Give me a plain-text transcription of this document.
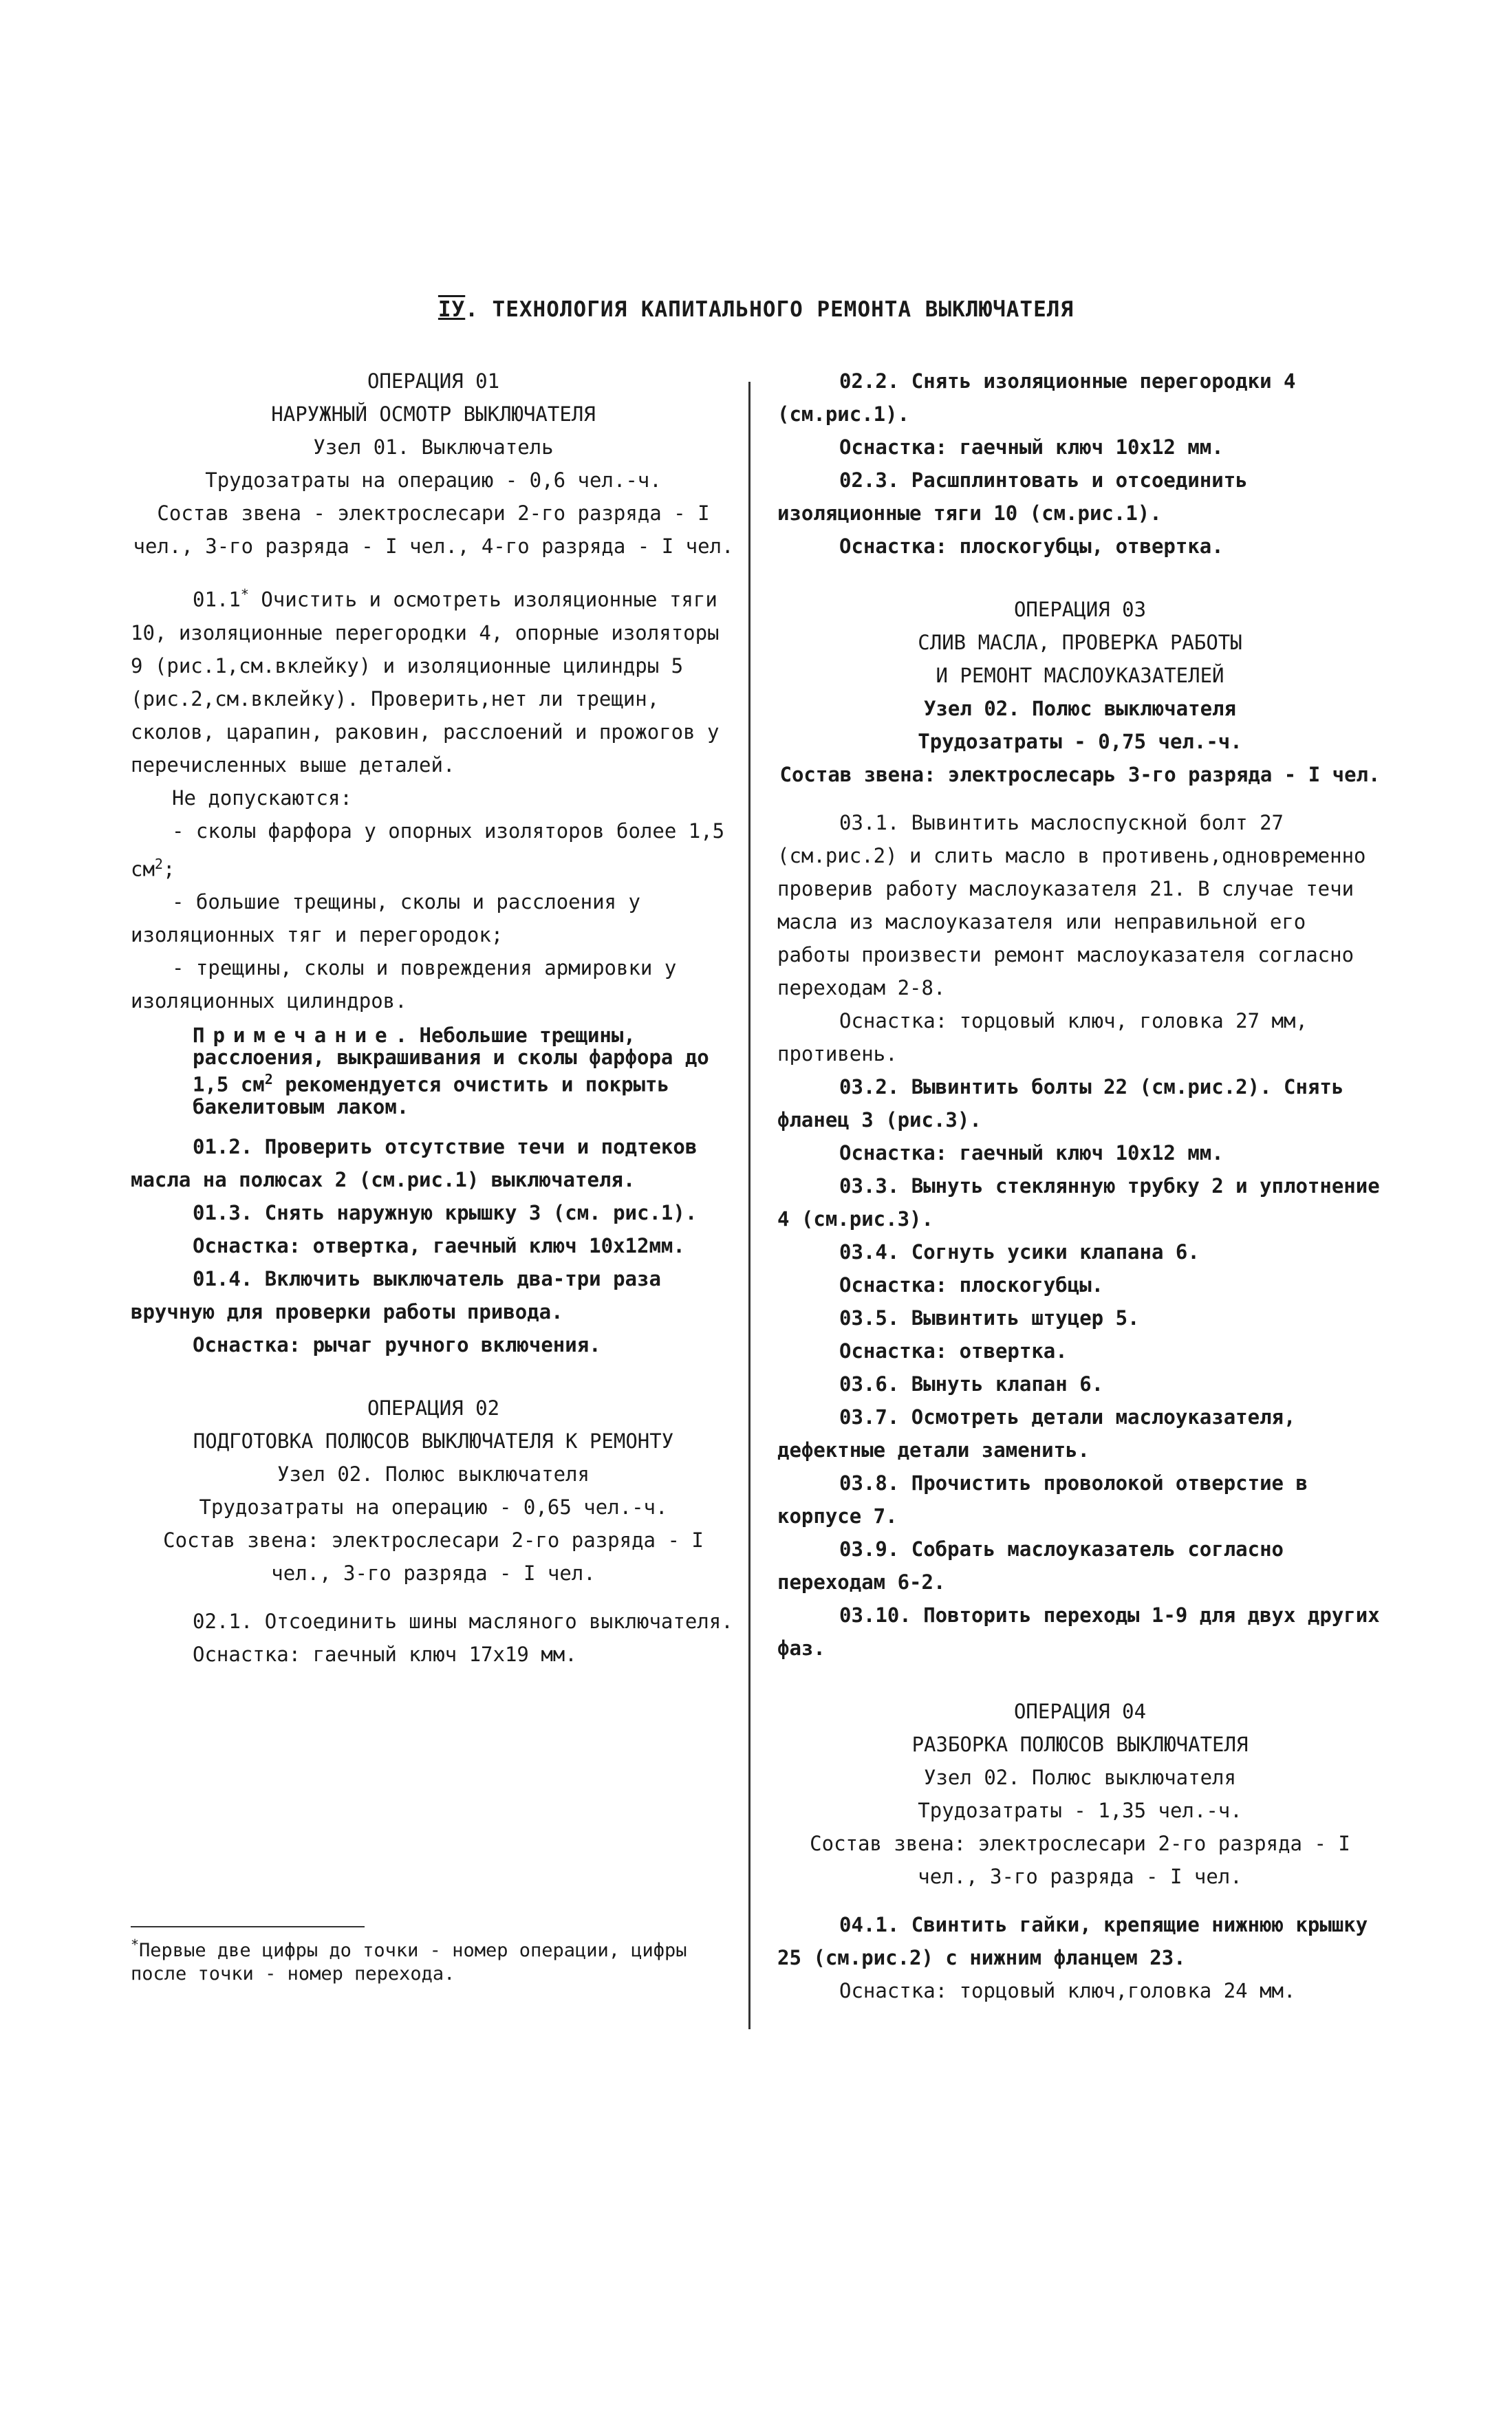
IУ. ТЕХНОЛОГИЯ КАПИТАЛЬНОГО РЕМОНТА ВЫКЛЮЧАТЕЛЯ

ОПЕРАЦИЯ 01

НАРУЖНЫЙ ОСМОТР ВЫКЛЮЧАТЕЛЯ

Узел 01. Выключатель

Трудозатраты на операцию - 0,6 чел.-ч.

Состав звена - электрослесари 2-го разряда - I чел., 3-го разряда - I чел., 4-го разряда - I чел.

01.1* Очистить и осмотреть изоляционные тяги 10, изоляционные перегородки 4, опорные изоляторы 9 (рис.1,см.вклейку) и изоляционные цилиндры 5 (рис.2,см.вклейку). Проверить,нет ли трещин, сколов, царапин, раковин, расслоений и прожогов у перечисленных выше деталей.

Не допускаются:

- сколы фарфора у опорных изоляторов более 1,5 $см^2$;

- большие трещины, сколы и расслоения у изоляционных тяг и перегородок;

- трещины, сколы и повреждения армировки у изоляционных цилиндров.

Примечание. Небольшие трещины, расслоения, выкрашивания и сколы фарфора до 1,5 $см^2$ рекомендуется очистить и покрыть бакелитовым лаком.

01.2. Проверить отсутствие течи и подтеков масла на полюсах 2 (см.рис.1) выключателя.

01.3. Снять наружную крышку 3 (см. рис.1).

Оснастка: отвертка, гаечный ключ 10х12мм.

01.4. Включить выключатель два-три раза вручную для проверки работы привода.

Оснастка: рычаг ручного включения.

ОПЕРАЦИЯ 02

ПОДГОТОВКА ПОЛЮСОВ ВЫКЛЮЧАТЕЛЯ К РЕМОНТУ

Узел 02. Полюс выключателя

Трудозатраты на операцию - 0,65 чел.-ч.

Состав звена: электрослесари 2-го разряда - I чел., 3-го разряда - I чел.

02.1. Отсоединить шины масляного выключателя.

Оснастка: гаечный ключ 17х19 мм.

*Первые две цифры до точки - номер операции, цифры после точки - номер перехода.

02.2. Снять изоляционные перегородки 4 (см.рис.1).

Оснастка: гаечный ключ 10х12 мм.

02.3. Расшплинтовать и отсоединить изоляционные тяги 10 (см.рис.1).

Оснастка: плоскогубцы, отвертка.

ОПЕРАЦИЯ 03

СЛИВ МАСЛА, ПРОВЕРКА РАБОТЫ

И РЕМОНТ МАСЛОУКАЗАТЕЛЕЙ

Узел 02. Полюс выключателя

Трудозатраты - 0,75 чел.-ч.

Состав звена: электрослесарь 3-го разряда - I чел.

03.1. Вывинтить маслоспускной болт 27 (см.рис.2) и слить масло в противень,одновременно проверив работу маслоуказателя 21. В случае течи масла из маслоуказателя или неправильной его работы произвести ремонт маслоуказателя согласно переходам 2-8.

Оснастка: торцовый ключ, головка 27 мм, противень.

03.2. Вывинтить болты 22 (см.рис.2). Снять фланец 3 (рис.3).

Оснастка: гаечный ключ 10х12 мм.

03.3. Вынуть стеклянную трубку 2 и уплотнение 4 (см.рис.3).

03.4. Согнуть усики клапана 6.

Оснастка: плоскогубцы.

03.5. Вывинтить штуцер 5.

Оснастка: отвертка.

03.6. Вынуть клапан 6.

03.7. Осмотреть детали маслоуказателя, дефектные детали заменить.

03.8. Прочистить проволокой отверстие в корпусе 7.

03.9. Собрать маслоуказатель согласно переходам 6-2.

03.10. Повторить переходы 1-9 для двух других фаз.

ОПЕРАЦИЯ 04

РАЗБОРКА ПОЛЮСОВ ВЫКЛЮЧАТЕЛЯ

Узел 02. Полюс выключателя

Трудозатраты - 1,35 чел.-ч.

Состав звена: электрослесари 2-го разряда - I чел., 3-го разряда - I чел.

04.1. Свинтить гайки, крепящие нижнюю крышку 25 (см.рис.2) с нижним фланцем 23.

Оснастка: торцовый ключ,головка 24 мм.
